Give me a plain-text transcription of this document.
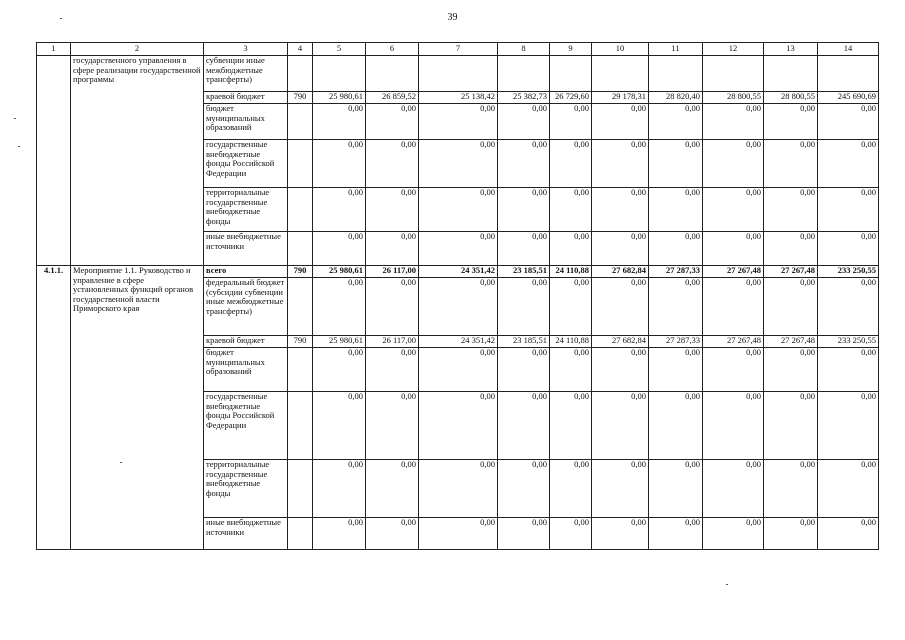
39
1	2	3	4	5	6	7	8	9	10	11	12	13	14
	государственного управления в сфере реализации государственной программы	субвенции иные межбюджетные трансферты)											
		краевой бюджет	790	25 980,61	26 859,52	25 138,42	25 382,73	26 729,60	29 178,31	28 820,40	28 800,55	28 800,55	245 690,69
		бюджет муниципальных образований		0,00	0,00	0,00	0,00	0,00	0,00	0,00	0,00	0,00	0,00
		государственные внебюджетные фонды Российской Федерации		0,00	0,00	0,00	0,00	0,00	0,00	0,00	0,00	0,00	0,00
		территориальные государственные внебюджетные фонды		0,00	0,00	0,00	0,00	0,00	0,00	0,00	0,00	0,00	0,00
		иные внебюджетные источники		0,00	0,00	0,00	0,00	0,00	0,00	0,00	0,00	0,00	0,00
4.1.1.	Мероприятие 1.1. Руководство и управление в сфере установленных функций органов государственной власти Приморского края	всего	790	25 980,61	26 117,00	24 351,42	23 185,51	24 110,88	27 682,84	27 287,33	27 267,48	27 267,48	233 250,55
		федеральный бюджет (субсидии субвенции иные межбюджетные трансферты)		0,00	0,00	0,00	0,00	0,00	0,00	0,00	0,00	0,00	0,00
		краевой бюджет	790	25 980,61	26 117,00	24 351,42	23 185,51	24 110,88	27 682,84	27 287,33	27 267,48	27 267,48	233 250,55
		бюджет муниципальных образований		0,00	0,00	0,00	0,00	0,00	0,00	0,00	0,00	0,00	0,00
		государственные внебюджетные фонды Российской Федерации		0,00	0,00	0,00	0,00	0,00	0,00	0,00	0,00	0,00	0,00
		территориальные государственные внебюджетные фонды		0,00	0,00	0,00	0,00	0,00	0,00	0,00	0,00	0,00	0,00
		иные внебюджетные источники		0,00	0,00	0,00	0,00	0,00	0,00	0,00	0,00	0,00	0,00
